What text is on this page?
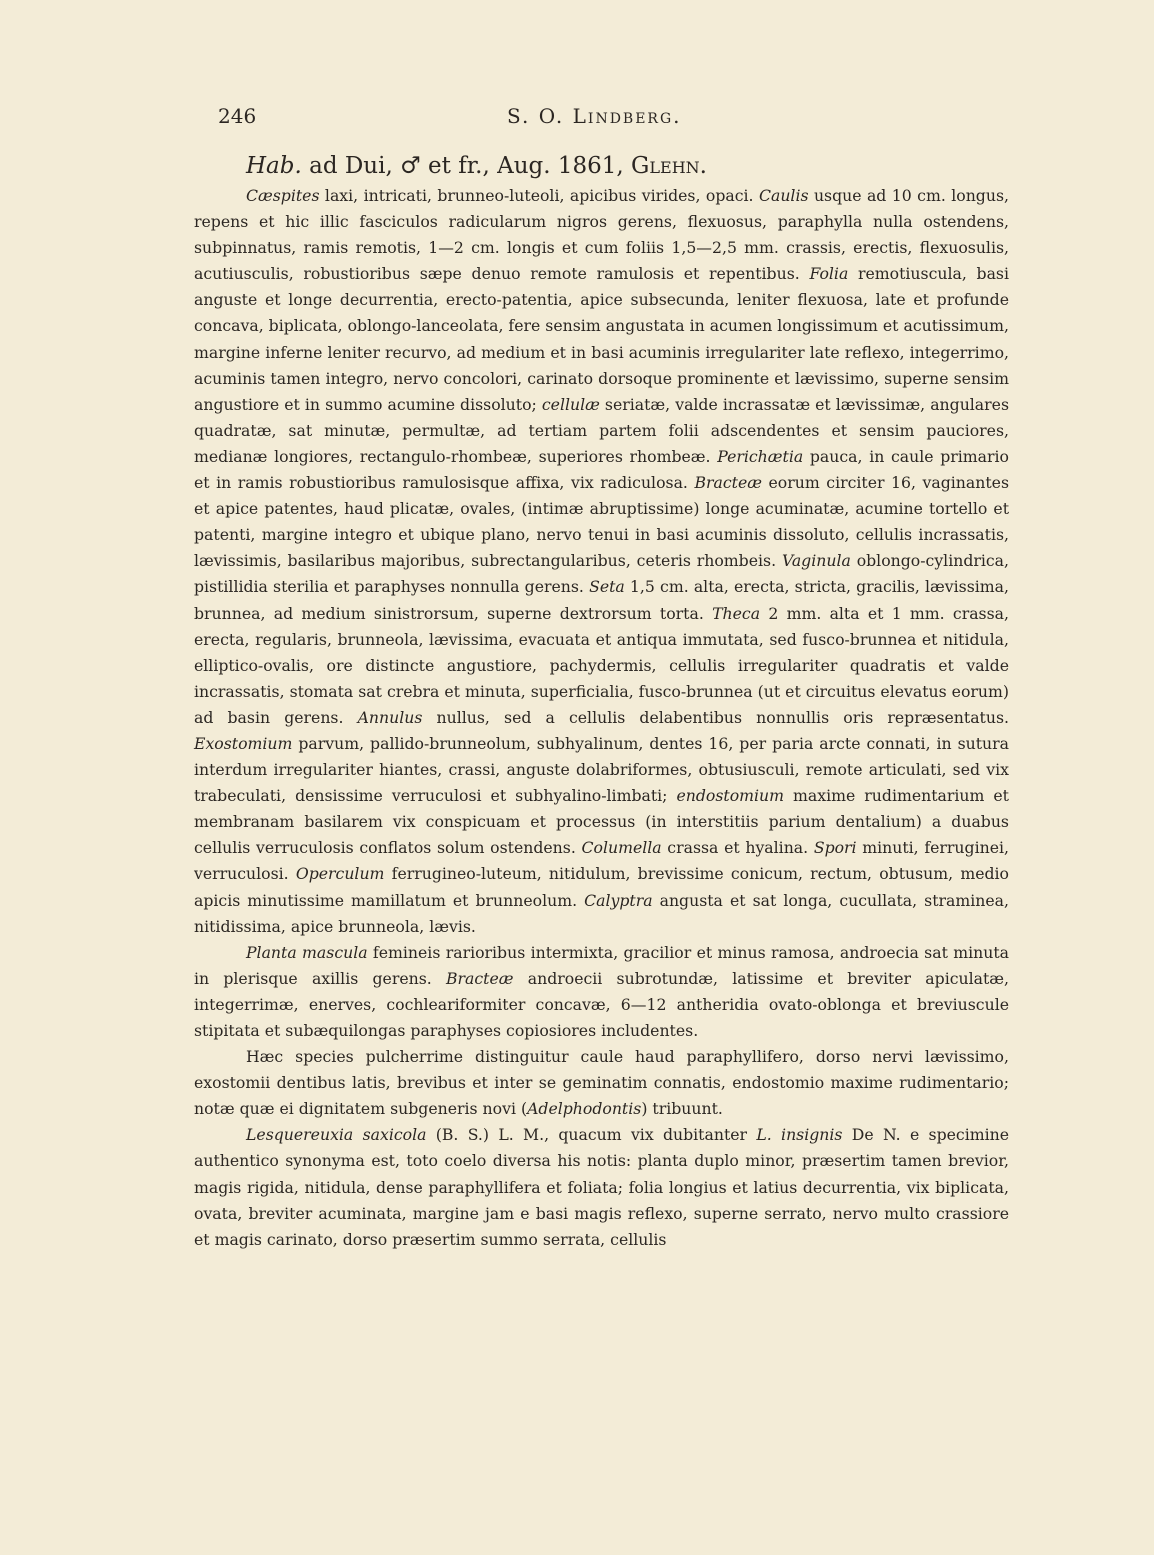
246	S. O. Lindberg.
Hab. ad Dui, ♂ et fr., Aug. 1861, Glehn.

Cæspites laxi, intricati, brunneo-luteoli, apicibus virides, opaci. Caulis usque ad 10 cm. longus, repens et hic illic fasciculos radicularum nigros gerens, flexuosus, paraphylla nulla ostendens, subpinnatus, ramis remotis, 1—2 cm. longis et cum foliis 1,5—2,5 mm. crassis, erectis, flexuosulis, acutiusculis, robustioribus sæpe denuo remote ramulosis et repentibus. Folia remotiuscula, basi anguste et longe decurrentia, erecto-patentia, apice subsecunda, leniter flexuosa, late et profunde concava, biplicata, oblongo-lanceolata, fere sensim angustata in acumen longissimum et acutissimum, margine inferne leniter recurvo, ad medium et in basi acuminis irregulariter late reflexo, integerrimo, acuminis tamen integro, nervo concolori, carinato dorsoque prominente et lævissimo, superne sensim angustiore et in summo acumine dissoluto; cellulæ seriatæ, valde incrassatæ et lævissimæ, angulares quadratæ, sat minutæ, permultæ, ad tertiam partem folii adscendentes et sensim pauciores, medianæ longiores, rectangulo-rhombeæ, superiores rhombeæ. Perichætia pauca, in caule primario et in ramis robustioribus ramulosisque affixa, vix radiculosa. Bracteæ eorum circiter 16, vaginantes et apice patentes, haud plicatæ, ovales, (intimæ abruptissime) longe acuminatæ, acumine tortello et patenti, margine integro et ubique plano, nervo tenui in basi acuminis dissoluto, cellulis incrassatis, lævissimis, basilaribus majoribus, subrectangularibus, ceteris rhombeis. Vaginula oblongo-cylindrica, pistillidia sterilia et paraphyses nonnulla gerens. Seta 1,5 cm. alta, erecta, stricta, gracilis, lævissima, brunnea, ad medium sinistrorsum, superne dextrorsum torta. Theca 2 mm. alta et 1 mm. crassa, erecta, regularis, brunneola, lævissima, evacuata et antiqua immutata, sed fusco-brunnea et nitidula, elliptico-ovalis, ore distincte angustiore, pachydermis, cellulis irregulariter quadratis et valde incrassatis, stomata sat crebra et minuta, superficialia, fusco-brunnea (ut et circuitus elevatus eorum) ad basin gerens. Annulus nullus, sed a cellulis delabentibus nonnullis oris repræsentatus. Exostomium parvum, pallido-brunneolum, subhyalinum, dentes 16, per paria arcte connati, in sutura interdum irregulariter hiantes, crassi, anguste dolabriformes, obtusiusculi, remote articulati, sed vix trabeculati, densissime verruculosi et subhyalino-limbati; endostomium maxime rudimentarium et membranam basilarem vix conspicuam et processus (in interstitiis parium dentalium) a duabus cellulis verruculosis conflatos solum ostendens. Columella crassa et hyalina. Spori minuti, ferruginei, verruculosi. Operculum ferrugineo-luteum, nitidulum, brevissime conicum, rectum, obtusum, medio apicis minutissime mamillatum et brunneolum. Calyptra angusta et sat longa, cucullata, straminea, nitidissima, apice brunneola, lævis.

Planta mascula femineis rarioribus intermixta, gracilior et minus ramosa, androecia sat minuta in plerisque axillis gerens. Bracteæ androecii subrotundæ, latissime et breviter apiculatæ, integerrimæ, enerves, cochleariformiter concavæ, 6—12 antheridia ovato-oblonga et breviuscule stipitata et subæquilongas paraphyses copiosiores includentes.

Hæc species pulcherrime distinguitur caule haud paraphyllifero, dorso nervi lævissimo, exostomii dentibus latis, brevibus et inter se geminatim connatis, endostomio maxime rudimentario; notæ quæ ei dignitatem subgeneris novi (Adelphodontis) tribuunt.

Lesquereuxia saxicola (B. S.) L. M., quacum vix dubitanter L. insignis De N. e specimine authentico synonyma est, toto coelo diversa his notis: planta duplo minor, præsertim tamen brevior, magis rigida, nitidula, dense paraphyllifera et foliata; folia longius et latius decurrentia, vix biplicata, ovata, breviter acuminata, margine jam e basi magis reflexo, superne serrato, nervo multo crassiore et magis carinato, dorso præsertim summo serrata, cellulis
